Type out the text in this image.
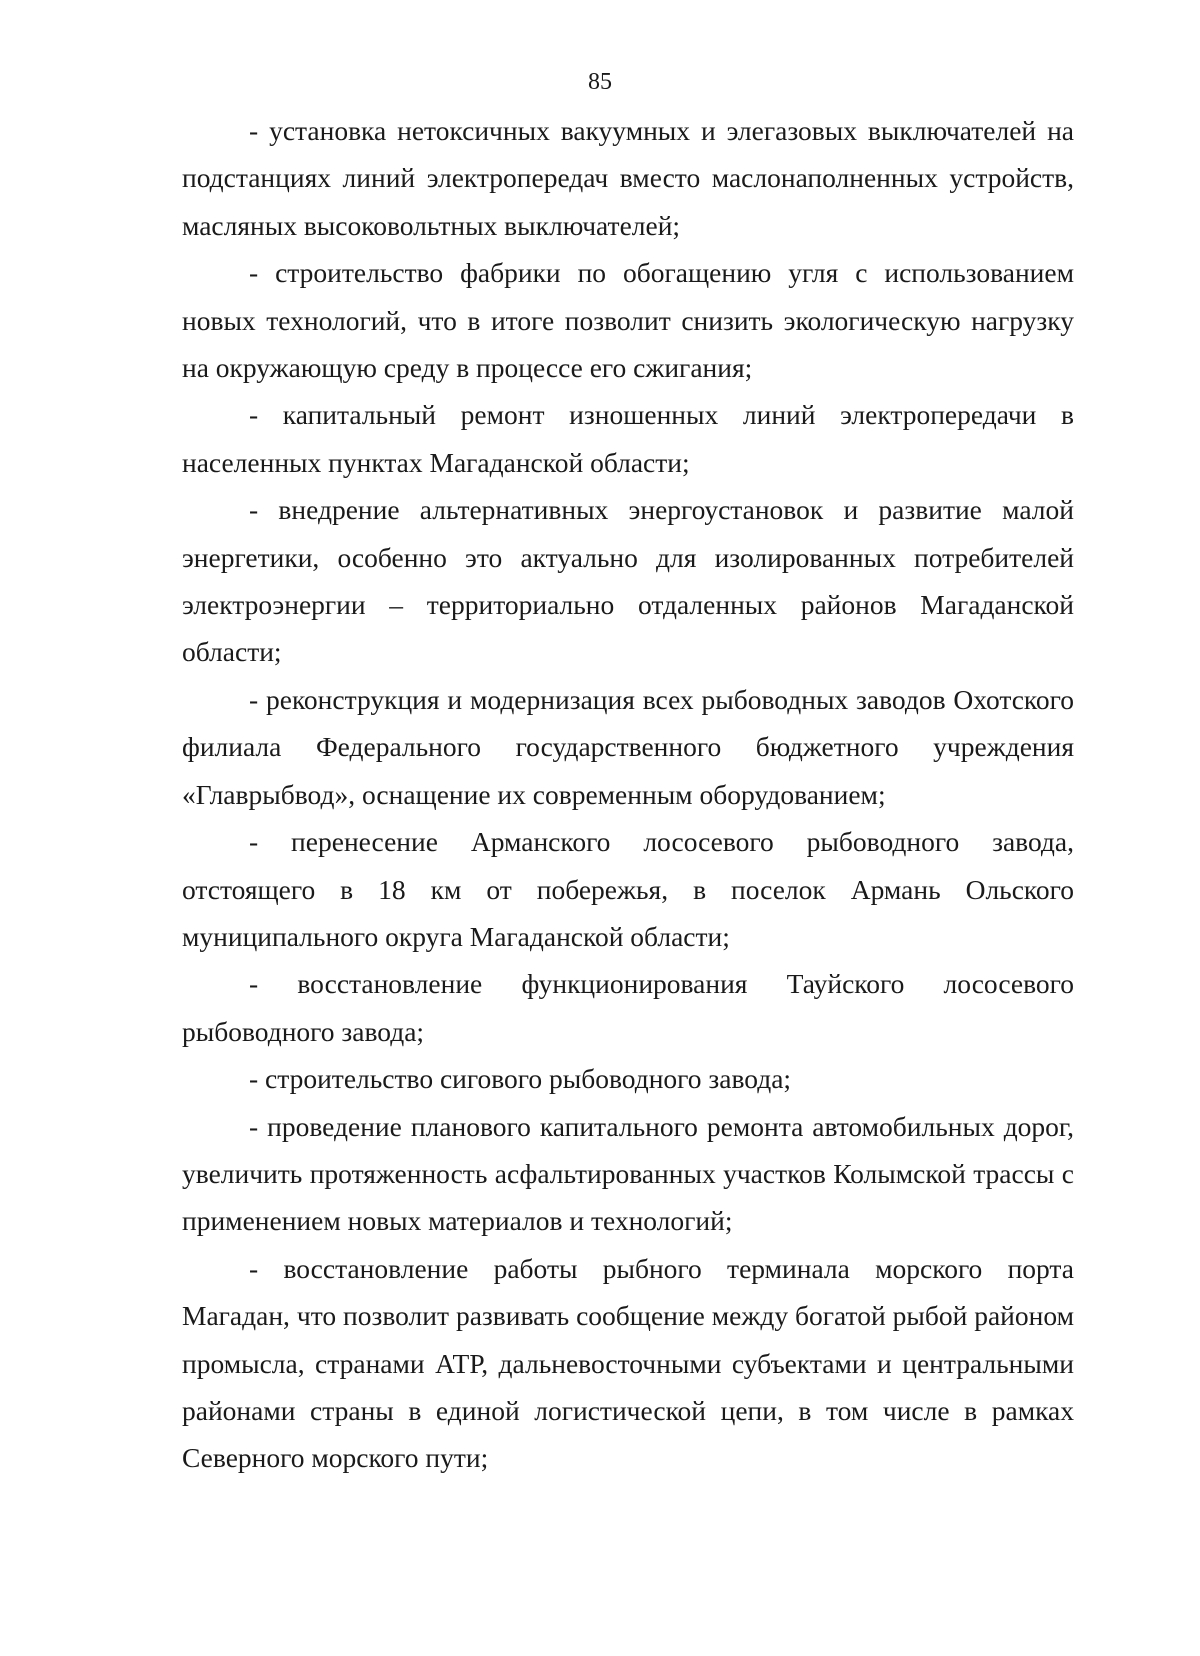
85

- установка нетоксичных вакуумных и элегазовых выключателей на подстанциях линий электропередач вместо маслонаполненных устройств, масляных высоковольтных выключателей;

- строительство фабрики по обогащению угля с использованием новых технологий, что в итоге позволит снизить экологическую нагрузку на окружающую среду в процессе его сжигания;

- капитальный ремонт изношенных линий электропередачи в населенных пунктах Магаданской области;

- внедрение альтернативных энергоустановок и развитие малой энергетики, особенно это актуально для изолированных потребителей электроэнергии – территориально отдаленных районов Магаданской области;

- реконструкция и модернизация всех рыбоводных заводов Охотского филиала Федерального государственного бюджетного учреждения «Главрыбвод», оснащение их современным оборудованием;

- перенесение Арманского лососевого рыбоводного завода, отстоящего в 18 км от побережья, в поселок Армань Ольского муниципального округа Магаданской области;

- восстановление функционирования Тауйского лососевого рыбоводного завода;

- строительство сигового рыбоводного завода;

- проведение планового капитального ремонта автомобильных дорог, увеличить протяженность асфальтированных участков Колымской трассы с применением новых материалов и технологий;

- восстановление работы рыбного терминала морского порта Магадан, что позволит развивать сообщение между богатой рыбой районом промысла, странами АТР, дальневосточными субъектами и центральными районами страны в единой логистической цепи, в том числе в рамках Северного морского пути;
